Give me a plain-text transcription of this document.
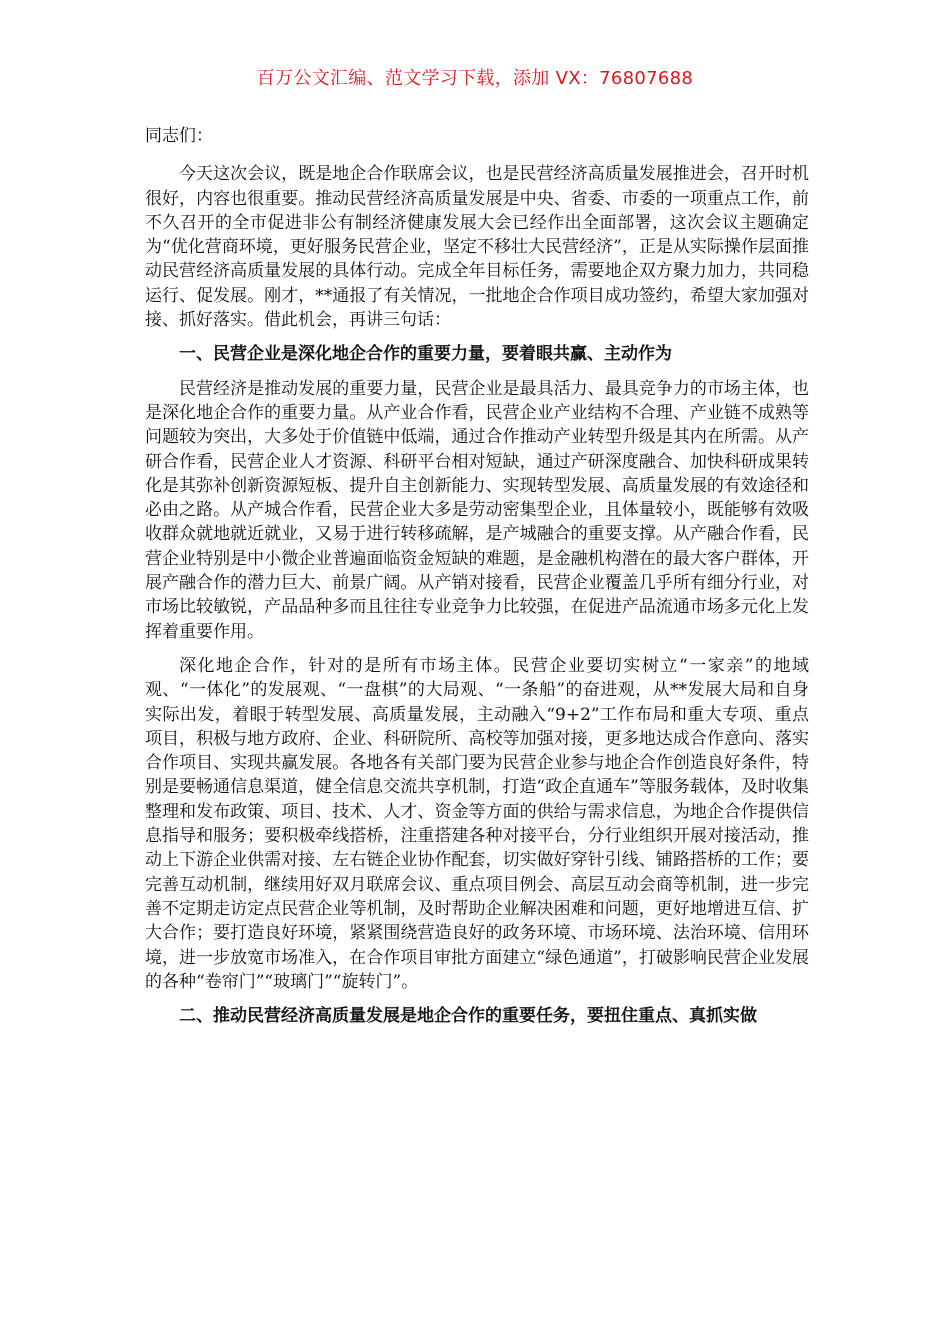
百万公文汇编、范文学习下载，添加 VX：76807688

同志们：

今天这次会议，既是地企合作联席会议，也是民营经济高质量发展推进会，召开时机很好，内容也很重要。推动民营经济高质量发展是中央、省委、市委的一项重点工作，前不久召开的全市促进非公有制经济健康发展大会已经作出全面部署，这次会议主题确定为“优化营商环境，更好服务民营企业，坚定不移壮大民营经济”，正是从实际操作层面推动民营经济高质量发展的具体行动。完成全年目标任务，需要地企双方聚力加力，共同稳运行、促发展。刚才，**通报了有关情况，一批地企合作项目成功签约，希望大家加强对接、抓好落实。借此机会，再讲三句话：

一、民营企业是深化地企合作的重要力量，要着眼共赢、主动作为

民营经济是推动发展的重要力量，民营企业是最具活力、最具竞争力的市场主体，也是深化地企合作的重要力量。从产业合作看，民营企业产业结构不合理、产业链不成熟等问题较为突出，大多处于价值链中低端，通过合作推动产业转型升级是其内在所需。从产研合作看，民营企业人才资源、科研平台相对短缺，通过产研深度融合、加快科研成果转化是其弥补创新资源短板、提升自主创新能力、实现转型发展、高质量发展的有效途径和必由之路。从产城合作看，民营企业大多是劳动密集型企业，且体量较小，既能够有效吸收群众就地就近就业，又易于进行转移疏解，是产城融合的重要支撑。从产融合作看，民营企业特别是中小微企业普遍面临资金短缺的难题，是金融机构潜在的最大客户群体，开展产融合作的潜力巨大、前景广阔。从产销对接看，民营企业覆盖几乎所有细分行业，对市场比较敏锐，产品品种多而且往往专业竞争力比较强，在促进产品流通市场多元化上发挥着重要作用。

深化地企合作，针对的是所有市场主体。民营企业要切实树立“一家亲”的地域观、“一体化”的发展观、“一盘棋”的大局观、“一条船”的奋进观，从**发展大局和自身实际出发，着眼于转型发展、高质量发展，主动融入“9+2”工作布局和重大专项、重点项目，积极与地方政府、企业、科研院所、高校等加强对接，更多地达成合作意向、落实合作项目、实现共赢发展。各地各有关部门要为民营企业参与地企合作创造良好条件，特别是要畅通信息渠道，健全信息交流共享机制，打造“政企直通车”等服务载体，及时收集整理和发布政策、项目、技术、人才、资金等方面的供给与需求信息，为地企合作提供信息指导和服务；要积极牵线搭桥，注重搭建各种对接平台，分行业组织开展对接活动，推动上下游企业供需对接、左右链企业协作配套，切实做好穿针引线、铺路搭桥的工作；要完善互动机制，继续用好双月联席会议、重点项目例会、高层互动会商等机制，进一步完善不定期走访定点民营企业等机制，及时帮助企业解决困难和问题，更好地增进互信、扩大合作；要打造良好环境，紧紧围绕营造良好的政务环境、市场环境、法治环境、信用环境，进一步放宽市场准入，在合作项目审批方面建立“绿色通道”，打破影响民营企业发展的各种“卷帘门”“玻璃门”“旋转门”。

二、推动民营经济高质量发展是地企合作的重要任务，要扭住重点、真抓实做
